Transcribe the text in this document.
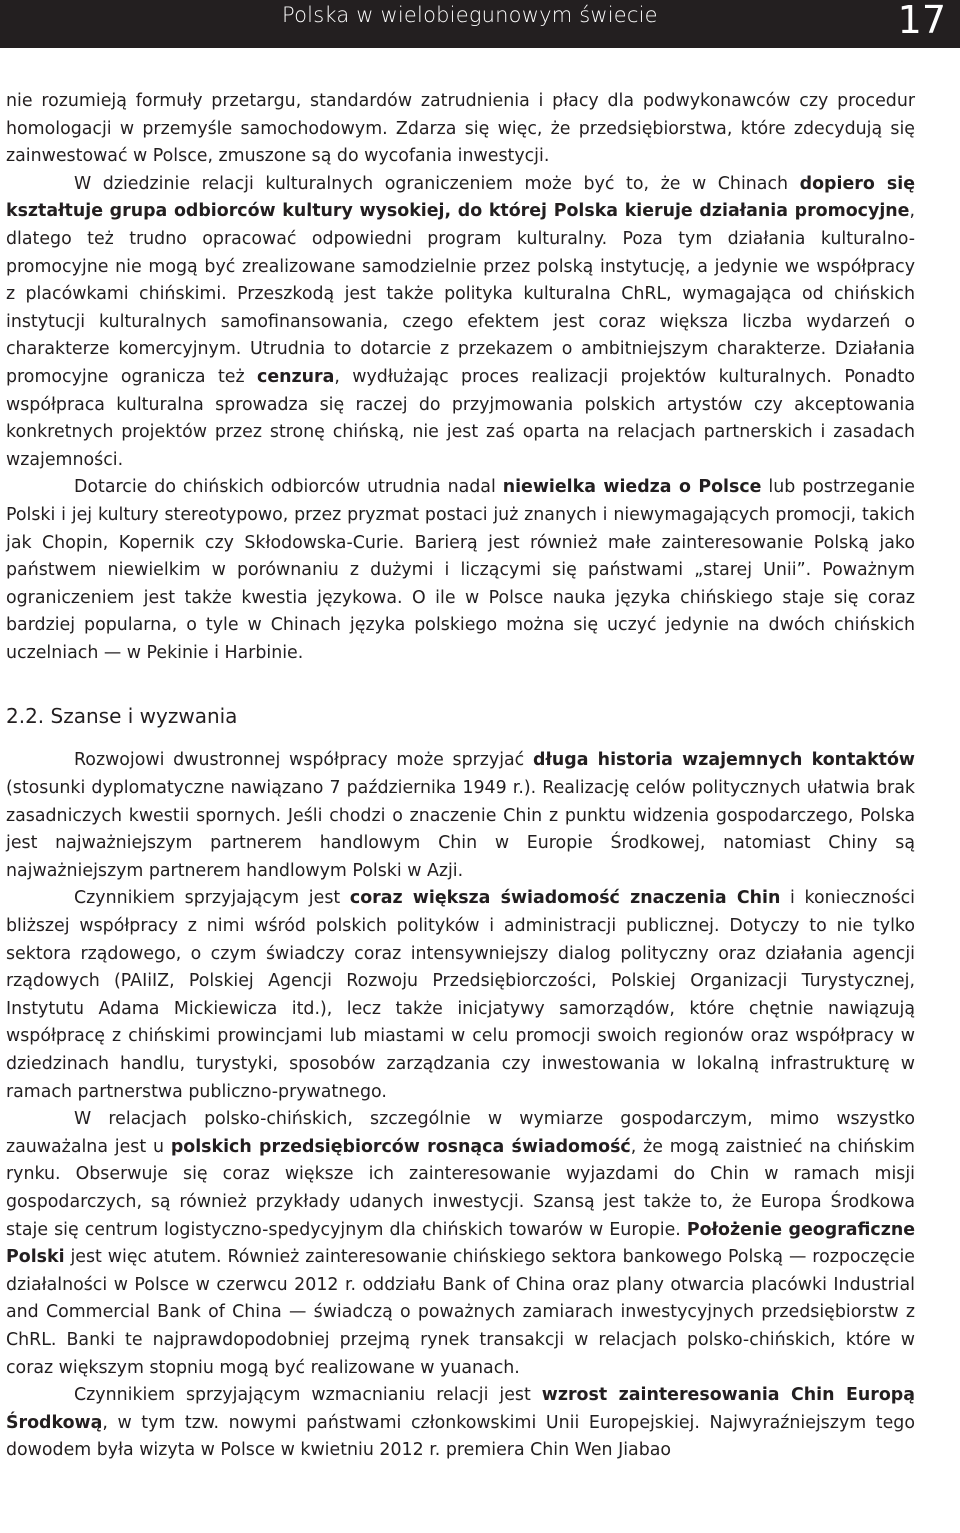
Polska w wielobiegunowym świecie	17

nie rozumieją formuły przetargu, standardów zatrudnienia i płacy dla podwykonawców czy procedur homologacji w przemyśle samochodowym. Zdarza się więc, że przedsiębiorstwa, które zdecydują się zainwestować w Polsce, zmuszone są do wycofania inwestycji.

W dziedzinie relacji kulturalnych ograniczeniem może być to, że w Chinach dopiero się kształtuje grupa odbiorców kultury wysokiej, do której Polska kieruje działania promocyjne, dlatego też trudno opracować odpowiedni program kulturalny. Poza tym działania kulturalno-promocyjne nie mogą być zrealizowane samodzielnie przez polską instytucję, a jedynie we współpracy z placówkami chińskimi. Przeszkodą jest także polityka kulturalna ChRL, wymagająca od chińskich instytucji kulturalnych samofinansowania, czego efektem jest coraz większa liczba wydarzeń o charakterze komercyjnym. Utrudnia to dotarcie z przekazem o ambitniejszym charakterze. Działania promocyjne ogranicza też cenzura, wydłużając proces realizacji projektów kulturalnych. Ponadto współpraca kulturalna sprowadza się raczej do przyjmowania polskich artystów czy akceptowania konkretnych projektów przez stronę chińską, nie jest zaś oparta na relacjach partnerskich i zasadach wzajemności.

Dotarcie do chińskich odbiorców utrudnia nadal niewielka wiedza o Polsce lub postrzeganie Polski i jej kultury stereotypowo, przez pryzmat postaci już znanych i niewymagających promocji, takich jak Chopin, Kopernik czy Skłodowska-Curie. Barierą jest również małe zainteresowanie Polską jako państwem niewielkim w porównaniu z dużymi i liczącymi się państwami „starej Unii”. Poważnym ograniczeniem jest także kwestia językowa. O ile w Polsce nauka języka chińskiego staje się coraz bardziej popularna, o tyle w Chinach języka polskiego można się uczyć jedynie na dwóch chińskich uczelniach — w Pekinie i Harbinie.

2.2. Szanse i wyzwania

Rozwojowi dwustronnej współpracy może sprzyjać długa historia wzajemnych kontaktów (stosunki dyplomatyczne nawiązano 7 października 1949 r.). Realizację celów politycznych ułatwia brak zasadniczych kwestii spornych. Jeśli chodzi o znaczenie Chin z punktu widzenia gospodarczego, Polska jest najważniejszym partnerem handlowym Chin w Europie Środkowej, natomiast Chiny są najważniejszym partnerem handlowym Polski w Azji.

Czynnikiem sprzyjającym jest coraz większa świadomość znaczenia Chin i konieczności bliższej współpracy z nimi wśród polskich polityków i administracji publicznej. Dotyczy to nie tylko sektora rządowego, o czym świadczy coraz intensywniejszy dialog polityczny oraz działania agencji rządowych (PAIiIZ, Polskiej Agencji Rozwoju Przedsiębiorczości, Polskiej Organizacji Turystycznej, Instytutu Adama Mickiewicza itd.), lecz także inicjatywy samorządów, które chętnie nawiązują współpracę z chińskimi prowincjami lub miastami w celu promocji swoich regionów oraz współpracy w dziedzinach handlu, turystyki, sposobów zarządzania czy inwestowania w lokalną infrastrukturę w ramach partnerstwa publiczno-prywatnego.

W relacjach polsko-chińskich, szczególnie w wymiarze gospodarczym, mimo wszystko zauważalna jest u polskich przedsiębiorców rosnąca świadomość, że mogą zaistnieć na chińskim rynku. Obserwuje się coraz większe ich zainteresowanie wyjazdami do Chin w ramach misji gospodarczych, są również przykłady udanych inwestycji. Szansą jest także to, że Europa Środkowa staje się centrum logistyczno-spedycyjnym dla chińskich towarów w Europie. Położenie geograficzne Polski jest więc atutem. Również zainteresowanie chińskiego sektora bankowego Polską — rozpoczęcie działalności w Polsce w czerwcu 2012 r. oddziału Bank of China oraz plany otwarcia placówki Industrial and Commercial Bank of China — świadczą o poważnych zamiarach inwestycyjnych przedsiębiorstw z ChRL. Banki te najprawdopodobniej przejmą rynek transakcji w relacjach polsko-chińskich, które w coraz większym stopniu mogą być realizowane w yuanach.

Czynnikiem sprzyjającym wzmacnianiu relacji jest wzrost zainteresowania Chin Europą Środkową, w tym tzw. nowymi państwami członkowskimi Unii Europejskiej. Najwyraźniejszym tego dowodem była wizyta w Polsce w kwietniu 2012 r. premiera Chin Wen Jiabao
